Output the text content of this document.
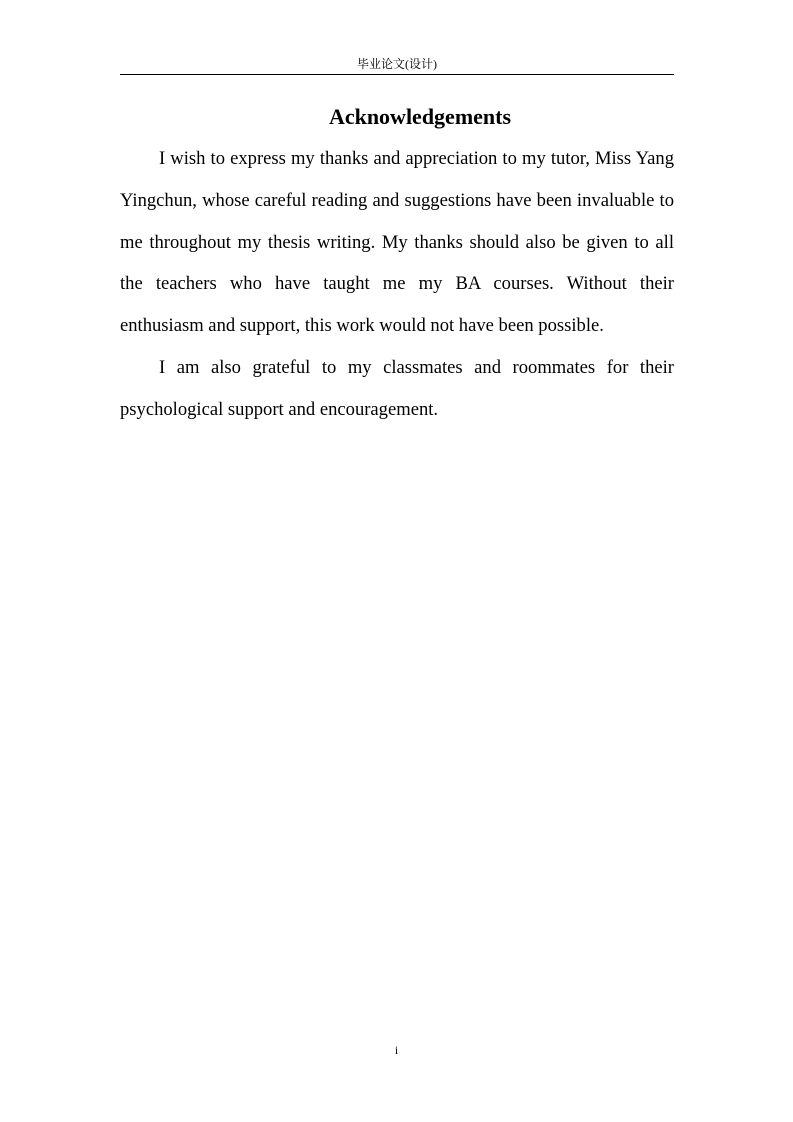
毕业论文(设计)
Acknowledgements

I wish to express my thanks and appreciation to my tutor, Miss Yang Yingchun, whose careful reading and suggestions have been invaluable to me throughout my thesis writing. My thanks should also be given to all the teachers who have taught me my BA courses. Without their enthusiasm and support, this work would not have been possible.

I am also grateful to my classmates and roommates for their psychological support and encouragement.

i
